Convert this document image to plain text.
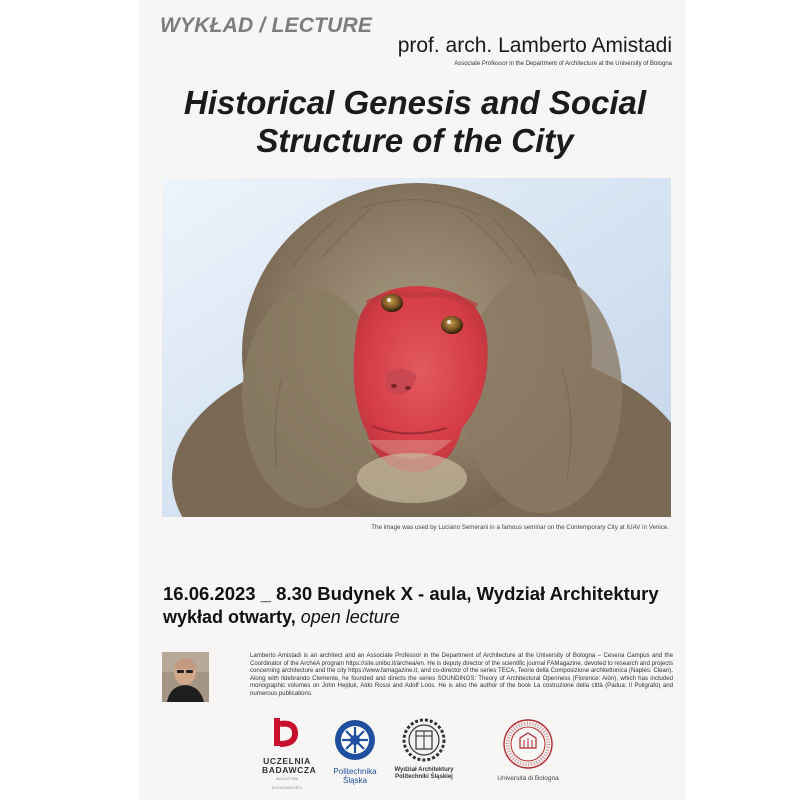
WYKŁAD / LECTURE
prof. arch. Lamberto Amistadi
Associate Professor in the Department of Architecture at the University of Bologna
Historical Genesis and Social
Structure of the City
The image was used by Luciano Semerani in a famous seminar on the Contemporary City at IUAV in Venice.
16.06.2023 _ 8.30 Budynek X - aula, Wydział Architektury
wykład otwarty, open lecture
Lamberto Amistadi is an architect and an Associate Professor in the Department of Architecture at the University of Bologna – Cesena Campus and the Coordinator of the ArchéA program https://site.unibo.it/archea/en. He is deputy director of the scientific journal FAMagazine, devoted to research and projects concerning architecture and the city https://www.famagazine.it, and co-director of the series TECA, Teorie della Composizione architettonica (Naples: Clean). Along with Ildebrando Clemente, he founded and directs the series SOUNDINGS: Theory of Architectural Openness (Florence: Aiòn), which has included monographic volumes on John Hejduk, Aldo Rossi and Adolf Loos. He is also the author of the book La costruzione della città (Padua: Il Poligrafo) and numerous publications.
UCZELNIA
BADAWCZA
INICJATYWA DOSKONAŁOŚCI
Politechnika
Śląska
Wydział Architektury
Politechniki Śląskiej	Università di Bologna
